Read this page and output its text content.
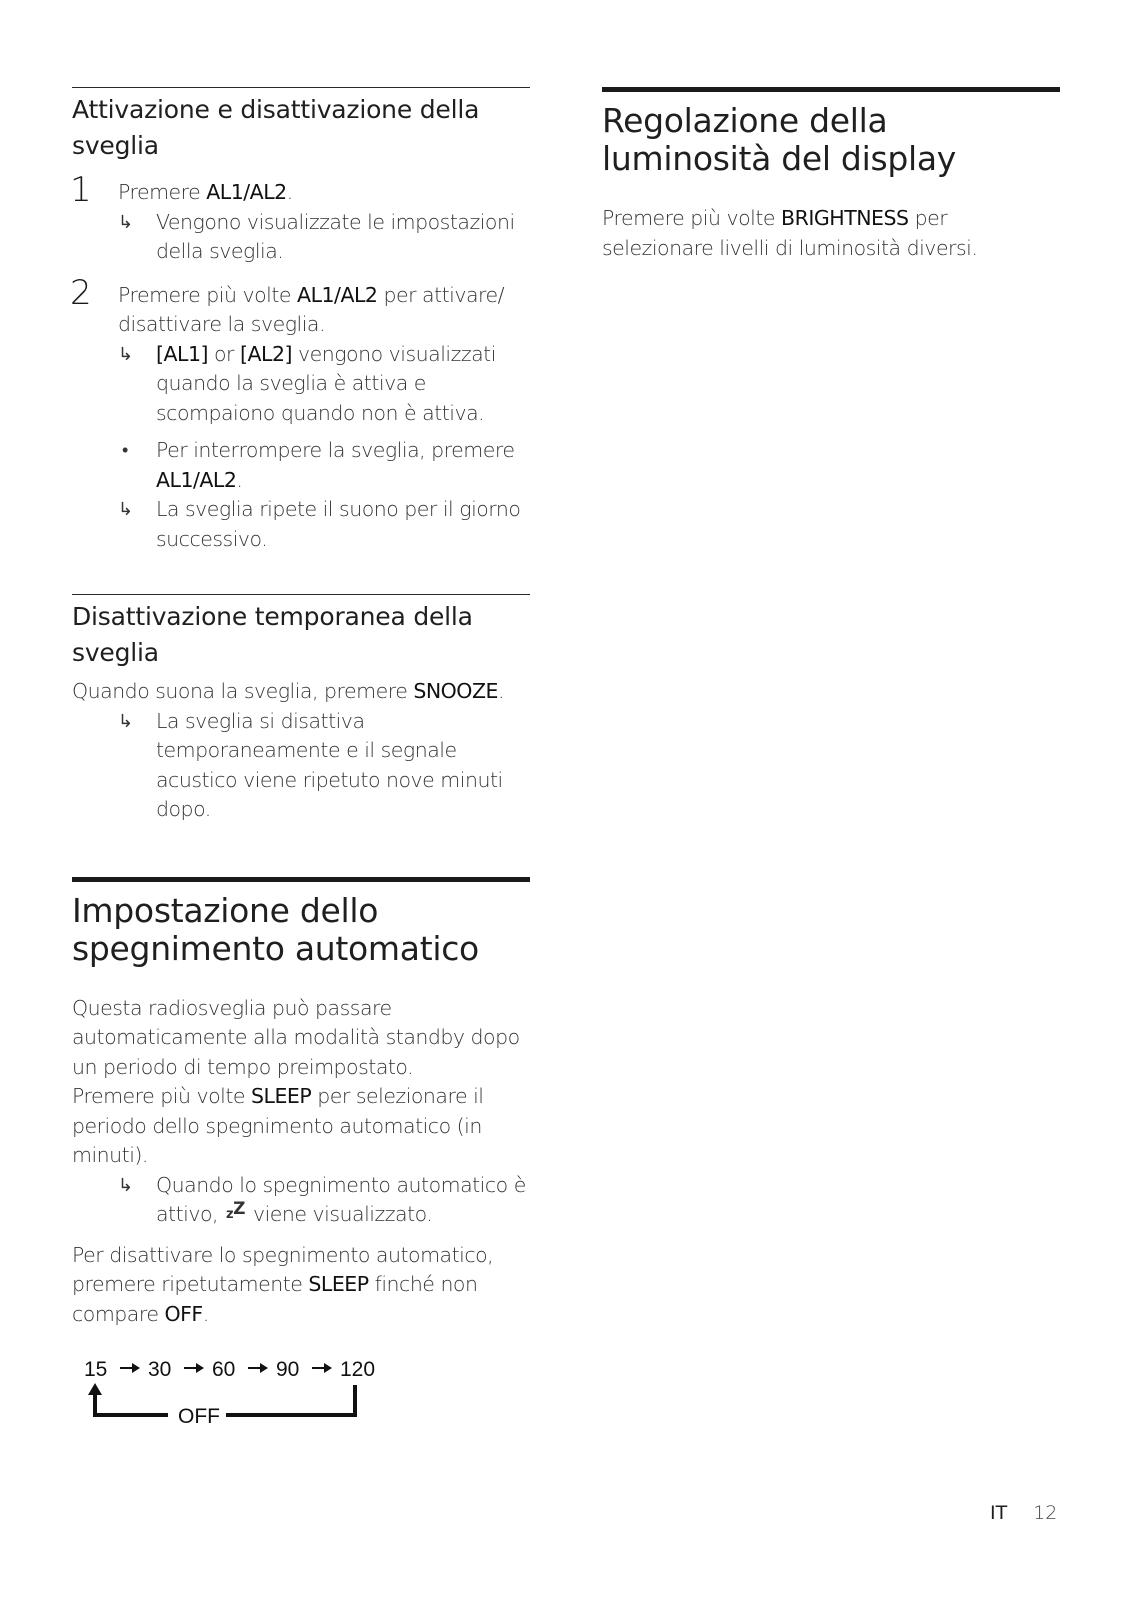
Attivazione e disattivazione della sveglia
1 Premere AL1/AL2.
↳ Vengono visualizzate le impostazioni della sveglia.
2 Premere più volte AL1/AL2 per attivare/ disattivare la sveglia.
↳ [AL1] or [AL2] vengono visualizzati quando la sveglia è attiva e scompaiono quando non è attiva.
• Per interrompere la sveglia, premere AL1/AL2.
↳ La sveglia ripete il suono per il giorno successivo.
Disattivazione temporanea della sveglia
Quando suona la sveglia, premere SNOOZE.
↳ La sveglia si disattiva temporaneamente e il segnale acustico viene ripetuto nove minuti dopo.
Impostazione dello spegnimento automatico
Questa radiosveglia può passare automaticamente alla modalità standby dopo un periodo di tempo preimpostato.
Premere più volte SLEEP per selezionare il periodo dello spegnimento automatico (in minuti).
↳ Quando lo spegnimento automatico è attivo, zZ viene visualizzato.
Per disattivare lo spegnimento automatico, premere ripetutamente SLEEP finché non compare OFF.
15 30 60 90 120
OFF
Regolazione della luminosità del display
Premere più volte BRIGHTNESS per selezionare livelli di luminosità diversi.
IT 12
